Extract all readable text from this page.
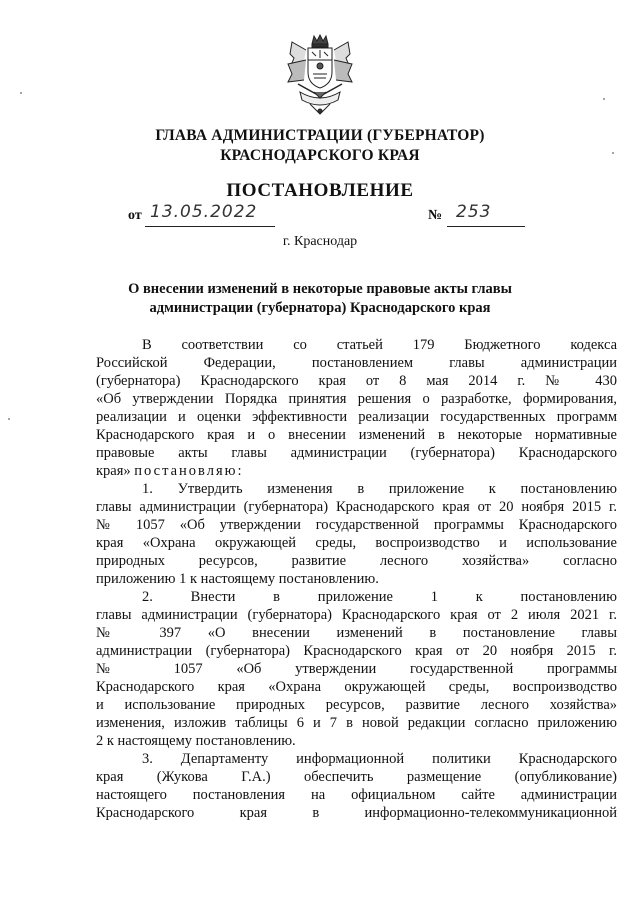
ГЛАВА АДМИНИСТРАЦИИ (ГУБЕРНАТОР)
КРАСНОДАРСКОГО КРАЯ
ПОСТАНОВЛЕНИЕ
от 13.05.2022	№ 253
г. Краснодар
О внесении изменений в некоторые правовые акты главы
администрации (губернатора) Краснодарского края
В соответствии со статьей 179 Бюджетного кодекса
Российской Федерации, постановлением главы администрации
(губернатора) Краснодарского края от 8 мая 2014 г. № 430
«Об утверждении Порядка принятия решения о разработке, формирования,
реализации и оценки эффективности реализации государственных программ
Краснодарского края и о внесении изменений в некоторые нормативные
правовые акты главы администрации (губернатора) Краснодарского
края» постановляю:
1. Утвердить изменения в приложение к постановлению
главы администрации (губернатора) Краснодарского края от 20 ноября 2015 г.
№ 1057 «Об утверждении государственной программы Краснодарского
края «Охрана окружающей среды, воспроизводство и использование
природных ресурсов, развитие лесного хозяйства» согласно
приложению 1 к настоящему постановлению.
2. Внести в приложение 1 к постановлению
главы администрации (губернатора) Краснодарского края от 2 июля 2021 г.
№ 397 «О внесении изменений в постановление главы
администрации (губернатора) Краснодарского края от 20 ноября 2015 г.
№ 1057 «Об утверждении государственной программы
Краснодарского края «Охрана окружающей среды, воспроизводство
и использование природных ресурсов, развитие лесного хозяйства»
изменения, изложив таблицы 6 и 7 в новой редакции согласно приложению
2 к настоящему постановлению.
3. Департаменту информационной политики Краснодарского
края (Жукова Г.А.) обеспечить размещение (опубликование)
настоящего постановления на официальном сайте администрации
Краснодарского края в информационно-телекоммуникационной
